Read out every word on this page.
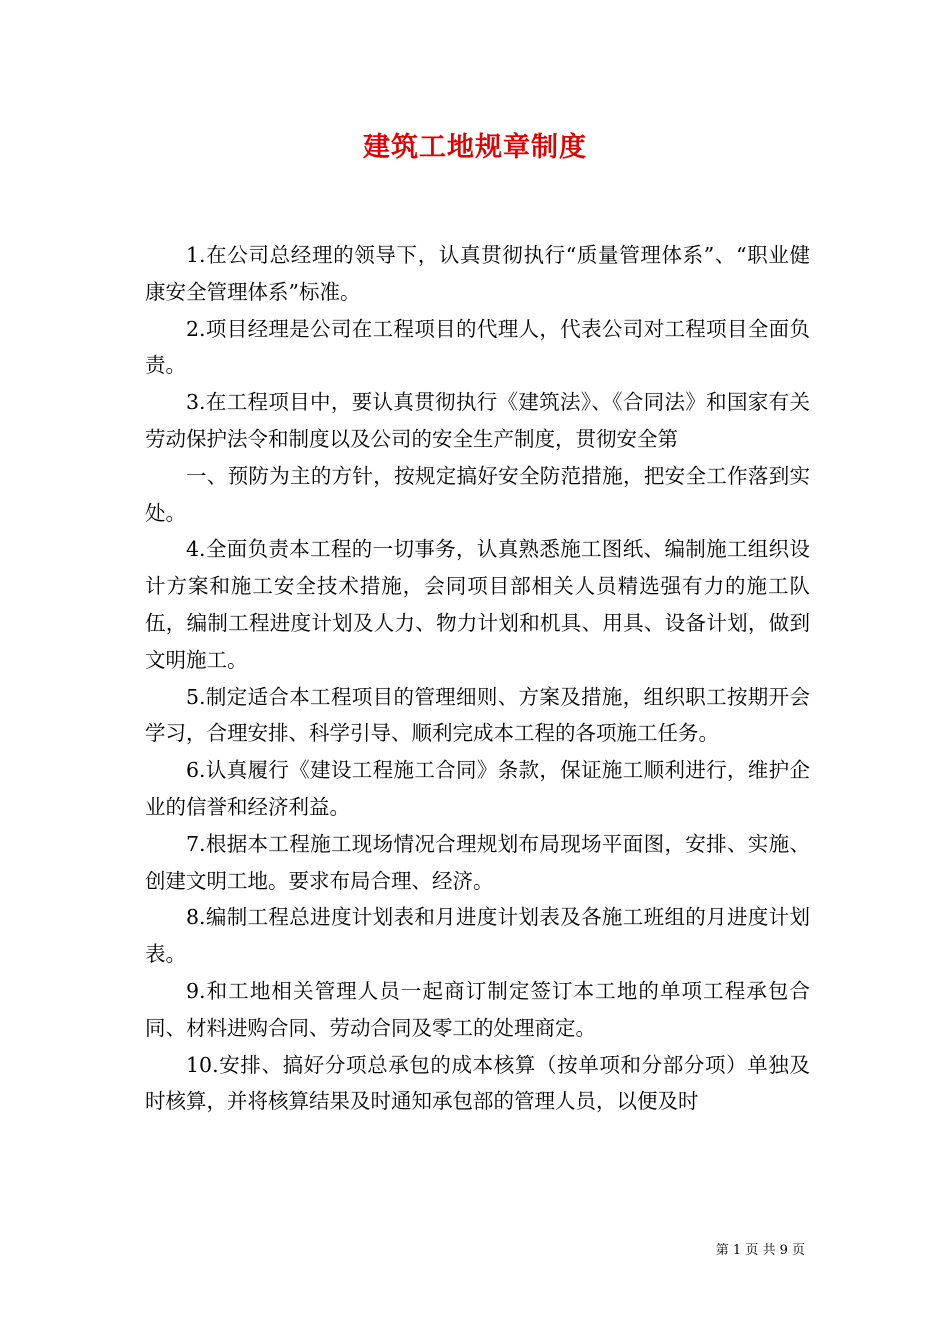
建筑工地规章制度

1.在公司总经理的领导下，认真贯彻执行“质量管理体系”、“职业健康安全管理体系”标准。

2.项目经理是公司在工程项目的代理人，代表公司对工程项目全面负责。

3.在工程项目中，要认真贯彻执行《建筑法》、《合同法》和国家有关劳动保护法令和制度以及公司的安全生产制度，贯彻安全第

一、预防为主的方针，按规定搞好安全防范措施，把安全工作落到实处。

4.全面负责本工程的一切事务，认真熟悉施工图纸、编制施工组织设计方案和施工安全技术措施，会同项目部相关人员精选强有力的施工队伍，编制工程进度计划及人力、物力计划和机具、用具、设备计划，做到文明施工。

5.制定适合本工程项目的管理细则、方案及措施，组织职工按期开会学习，合理安排、科学引导、顺利完成本工程的各项施工任务。

6.认真履行《建设工程施工合同》条款，保证施工顺利进行，维护企业的信誉和经济利益。

7.根据本工程施工现场情况合理规划布局现场平面图，安排、实施、创建文明工地。要求布局合理、经济。

8.编制工程总进度计划表和月进度计划表及各施工班组的月进度计划表。

9.和工地相关管理人员一起商订制定签订本工地的单项工程承包合同、材料进购合同、劳动合同及零工的处理商定。

10.安排、搞好分项总承包的成本核算（按单项和分部分项）单独及时核算，并将核算结果及时通知承包部的管理人员，以便及时

第 1 页 共 9 页
